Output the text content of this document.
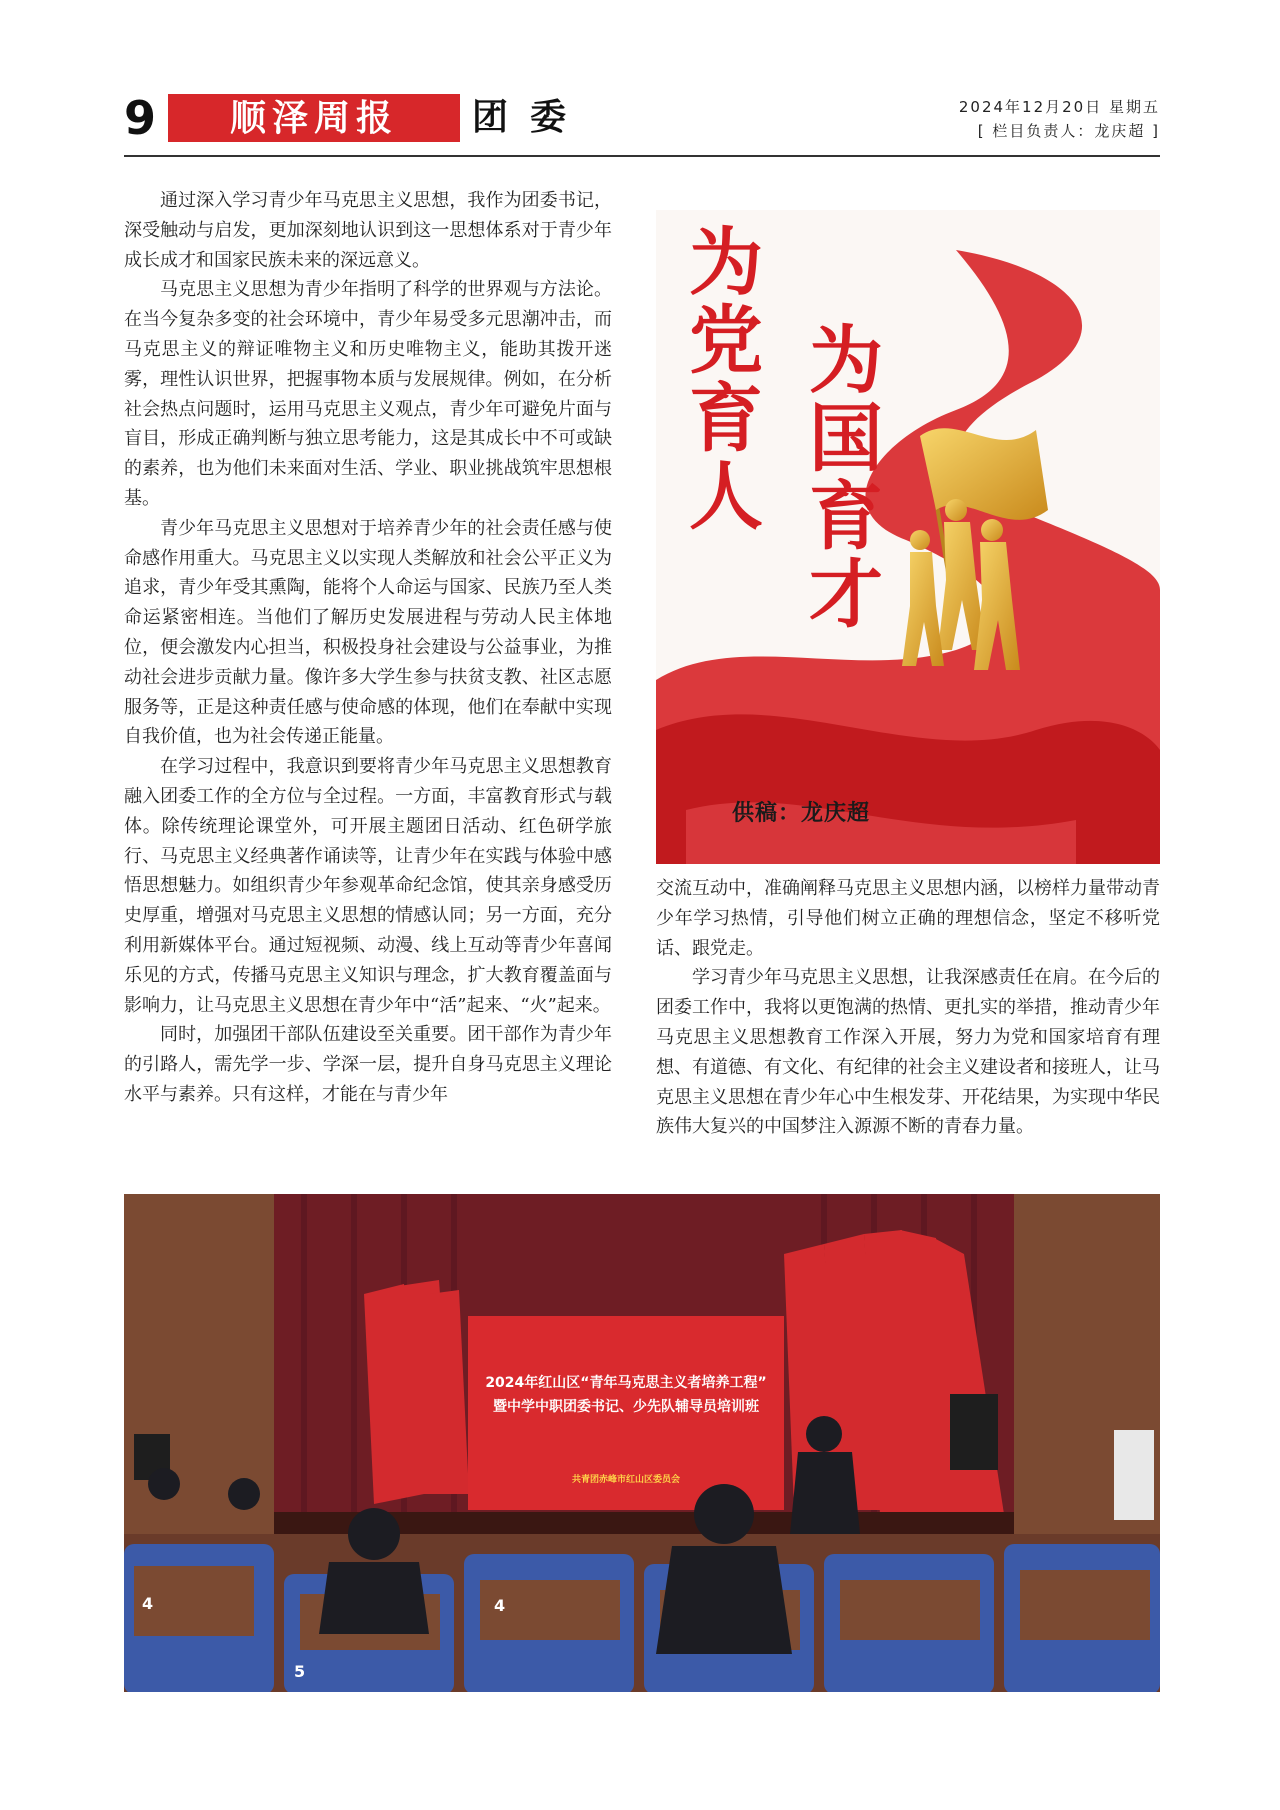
9	顺泽周报	团委	2024年12月20日 星期五
[ 栏目负责人：龙庆超 ]

通过深入学习青少年马克思主义思想，我作为团委书记，深受触动与启发，更加深刻地认识到这一思想体系对于青少年成长成才和国家民族未来的深远意义。

马克思主义思想为青少年指明了科学的世界观与方法论。在当今复杂多变的社会环境中，青少年易受多元思潮冲击，而马克思主义的辩证唯物主义和历史唯物主义，能助其拨开迷雾，理性认识世界，把握事物本质与发展规律。例如，在分析社会热点问题时，运用马克思主义观点，青少年可避免片面与盲目，形成正确判断与独立思考能力，这是其成长中不可或缺的素养，也为他们未来面对生活、学业、职业挑战筑牢思想根基。

青少年马克思主义思想对于培养青少年的社会责任感与使命感作用重大。马克思主义以实现人类解放和社会公平正义为追求，青少年受其熏陶，能将个人命运与国家、民族乃至人类命运紧密相连。当他们了解历史发展进程与劳动人民主体地位，便会激发内心担当，积极投身社会建设与公益事业，为推动社会进步贡献力量。像许多大学生参与扶贫支教、社区志愿服务等，正是这种责任感与使命感的体现，他们在奉献中实现自我价值，也为社会传递正能量。

在学习过程中，我意识到要将青少年马克思主义思想教育融入团委工作的全方位与全过程。一方面，丰富教育形式与载体。除传统理论课堂外，可开展主题团日活动、红色研学旅行、马克思主义经典著作诵读等，让青少年在实践与体验中感悟思想魅力。如组织青少年参观革命纪念馆，使其亲身感受历史厚重，增强对马克思主义思想的情感认同；另一方面，充分利用新媒体平台。通过短视频、动漫、线上互动等青少年喜闻乐见的方式，传播马克思主义知识与理念，扩大教育覆盖面与影响力，让马克思主义思想在青少年中“活”起来、“火”起来。

同时，加强团干部队伍建设至关重要。团干部作为青少年的引路人，需先学一步、学深一层，提升自身马克思主义理论水平与素养。只有这样，才能在与青少年

为党育人
为国育才
供稿：龙庆超

交流互动中，准确阐释马克思主义思想内涵，以榜样力量带动青少年学习热情，引导他们树立正确的理想信念，坚定不移听党话、跟党走。

学习青少年马克思主义思想，让我深感责任在肩。在今后的团委工作中，我将以更饱满的热情、更扎实的举措，推动青少年马克思主义思想教育工作深入开展，努力为党和国家培育有理想、有道德、有文化、有纪律的社会主义建设者和接班人，让马克思主义思想在青少年心中生根发芽、开花结果，为实现中华民族伟大复兴的中国梦注入源源不断的青春力量。

2024年红山区“青年马克思主义者培养工程”
暨中学中职团委书记、少先队辅导员培训班
共青团赤峰市红山区委员会
4	4
5
